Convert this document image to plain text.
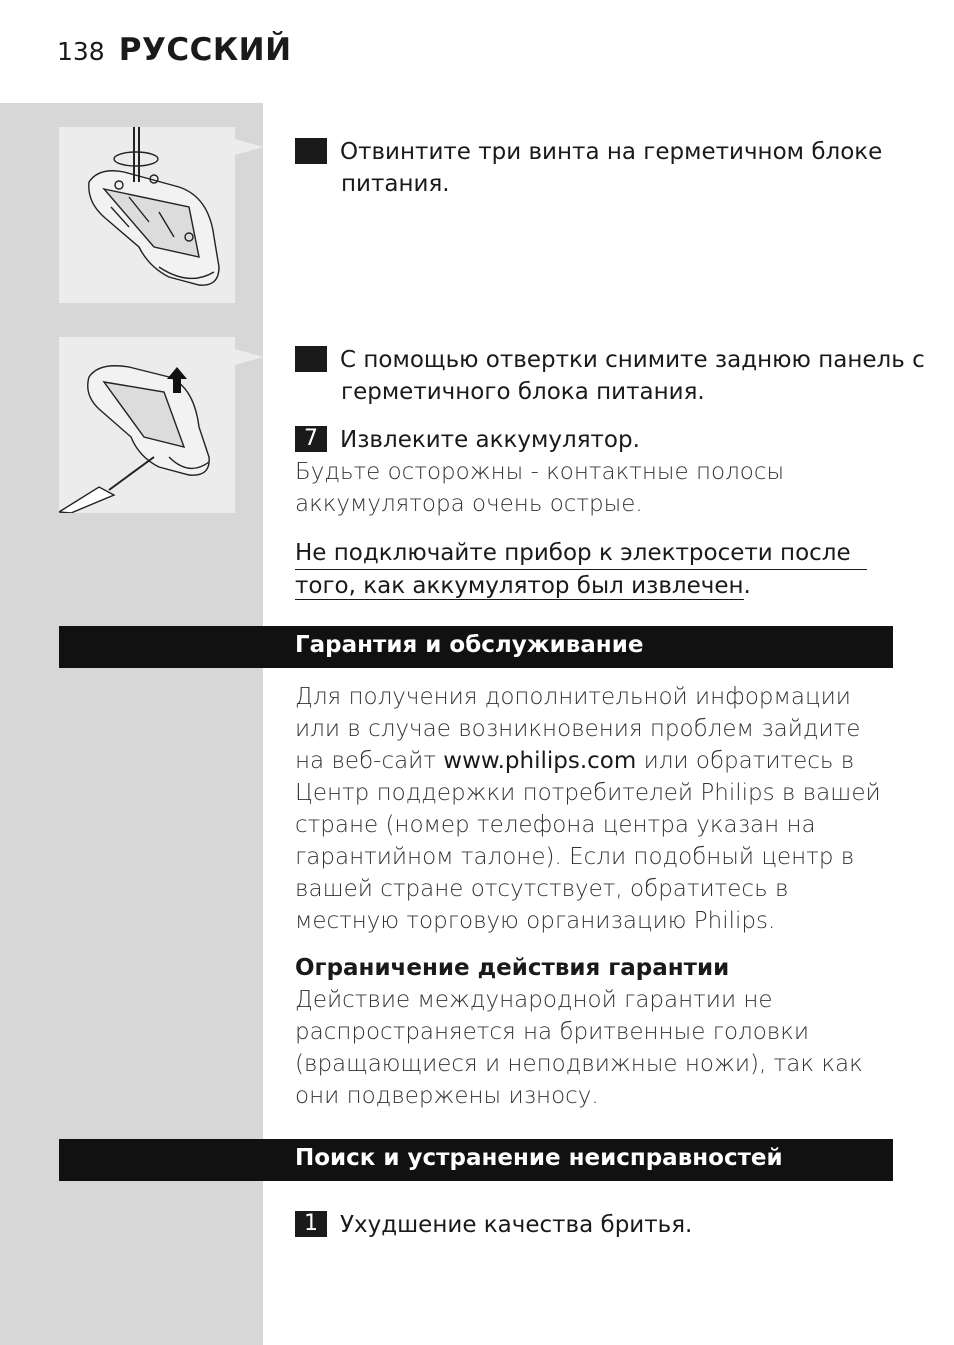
138 РУССКИЙ
5 Отвинтите три винта на герметичном блоке питания.
6 С помощью отвертки снимите заднюю панель с герметичного блока питания.
7 Извлеките аккумулятор.
Будьте осторожны - контактные полосы аккумулятора очень острые.
Не подключайте прибор к электросети после
того, как аккумулятор был извлечен.
Гарантия и обслуживание
Для получения дополнительной информации или в случае возникновения проблем зайдите на веб-сайт www.philips.com или обратитесь в Центр поддержки потребителей Philips в вашей стране (номер телефона центра указан на гарантийном талоне). Если подобный центр в вашей стране отсутствует, обратитесь в местную торговую организацию Philips.
Ограничение действия гарантии
Действие международной гарантии не распространяется на бритвенные головки (вращающиеся и неподвижные ножи), так как они подвержены износу.
Поиск и устранение неисправностей
1 Ухудшение качества бритья.
